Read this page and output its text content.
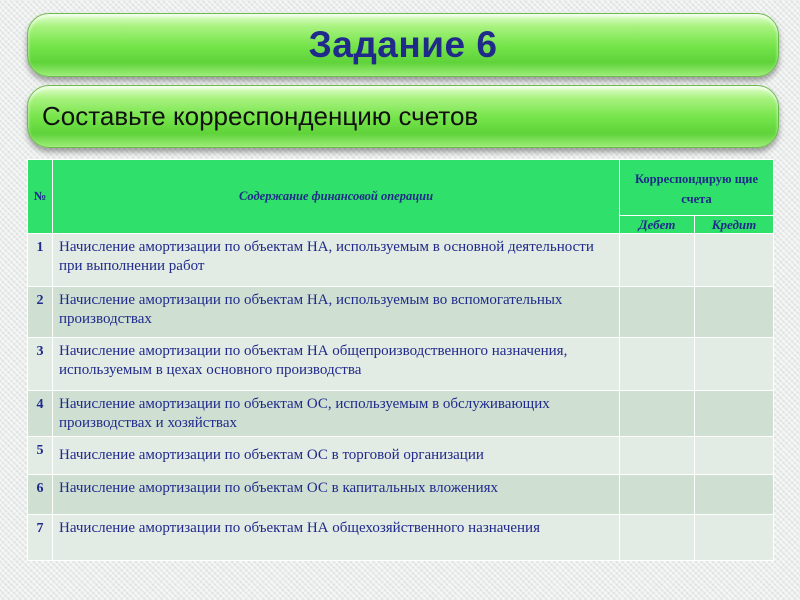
Задание 6
Составьте корреспонденцию счетов
№	Содержание финансовой операции	Корреспондирую щие счета	
		Дебет	Кредит
1	Начисление амортизации по объектам НА, используемым в основной деятельности при выполнении работ		
2	Начисление амортизации по объектам НА, используемым во вспомогательных производствах		
3	Начисление амортизации по объектам НА общепроизводственного назначения, используемым в цехах основного производства		
4	Начисление амортизации по объектам ОС, используемым в обслуживающих производствах и хозяйствах		
5	Начисление амортизации по объектам ОС в торговой организации		
6	Начисление амортизации по объектам ОС в капитальных вложениях		
7	Начисление амортизации по объектам НА общехозяйственного назначения		
